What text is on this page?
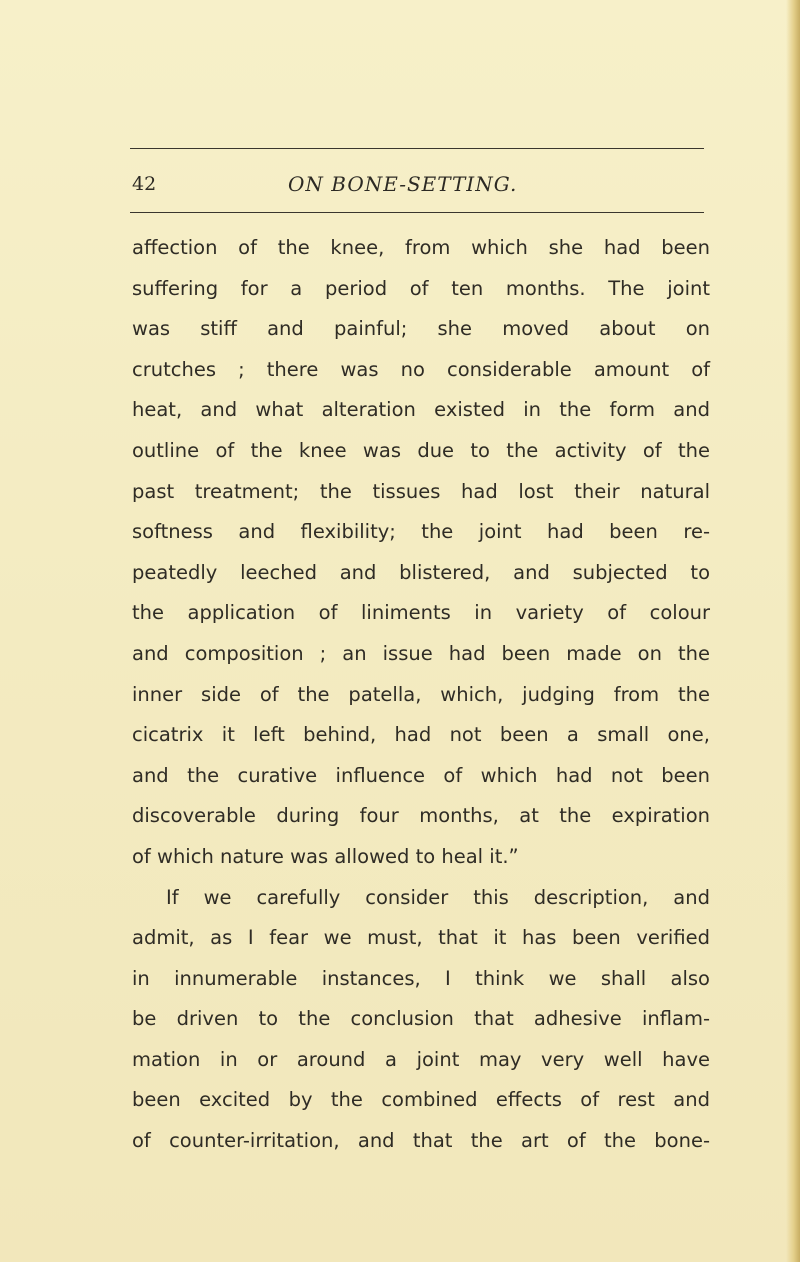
42	ON BONE-SETTING.
affection of the knee, from which she had been
suffering for a period of ten months. The joint
was stiff and painful; she moved about on
crutches ; there was no considerable amount of
heat, and what alteration existed in the form and
outline of the knee was due to the activity of the
past treatment; the tissues had lost their natural
softness and flexibility; the joint had been re-
peatedly leeched and blistered, and subjected to
the application of liniments in variety of colour
and composition ; an issue had been made on the
inner side of the patella, which, judging from the
cicatrix it left behind, had not been a small one,
and the curative influence of which had not been
discoverable during four months, at the expiration
of which nature was allowed to heal it.”
If we carefully consider this description, and
admit, as I fear we must, that it has been verified
in innumerable instances, I think we shall also
be driven to the conclusion that adhesive inflam-
mation in or around a joint may very well have
been excited by the combined effects of rest and
of counter-irritation, and that the art of the bone-
